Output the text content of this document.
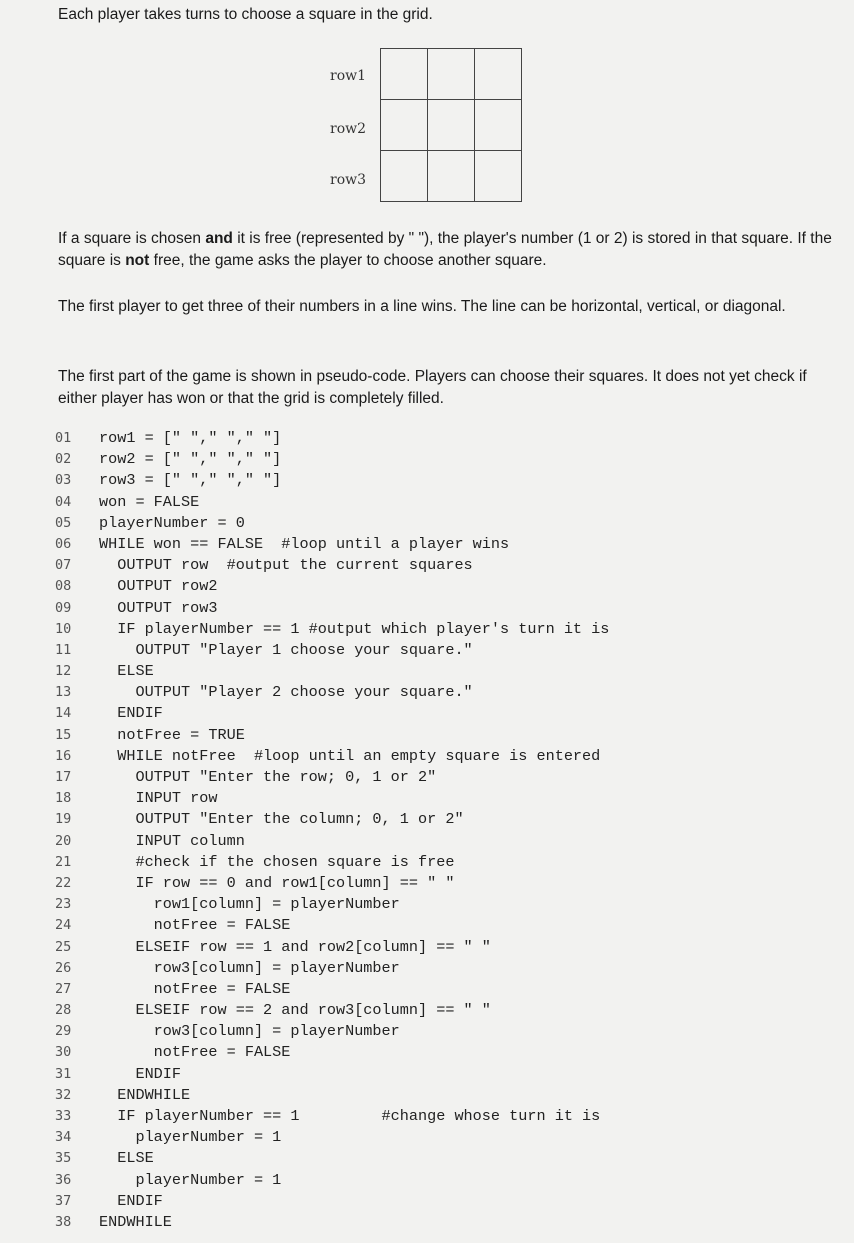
Each player takes turns to choose a square in the grid.
row1
row2
row3

If a square is chosen and it is free (represented by " "), the player's number (1 or 2) is stored in that square. If the square is not free, the game asks the player to choose another square.
The first player to get three of their numbers in a line wins. The line can be horizontal, vertical, or diagonal.
The first part of the game is shown in pseudo-code. Players can choose their squares. It does not yet check if either player has won or that the grid is completely filled.
01	row1 = [" "," "," "]
02	row2 = [" "," "," "]
03	row3 = [" "," "," "]
04	won = FALSE
05	playerNumber = 0
06	WHILE won == FALSE  #loop until a player wins
07	OUTPUT row  #output the current squares
08	OUTPUT row2
09	OUTPUT row3
10	IF playerNumber == 1 #output which player's turn it is
11	OUTPUT "Player 1 choose your square."
12	ELSE
13	OUTPUT "Player 2 choose your square."
14	ENDIF
15	notFree = TRUE
16	WHILE notFree  #loop until an empty square is entered
17	OUTPUT "Enter the row; 0, 1 or 2"
18	INPUT row
19	OUTPUT "Enter the column; 0, 1 or 2"
20	INPUT column
21	#check if the chosen square is free
22	IF row == 0 and row1[column] == " "
23	row1[column] = playerNumber
24	notFree = FALSE
25	ELSEIF row == 1 and row2[column] == " "
26	row3[column] = playerNumber
27	notFree = FALSE
28	ELSEIF row == 2 and row3[column] == " "
29	row3[column] = playerNumber
30	notFree = FALSE
31	ENDIF
32	ENDWHILE
33	IF playerNumber == 1         #change whose turn it is
34	playerNumber = 1
35	ELSE
36	playerNumber = 1
37	ENDIF
38	ENDWHILE
